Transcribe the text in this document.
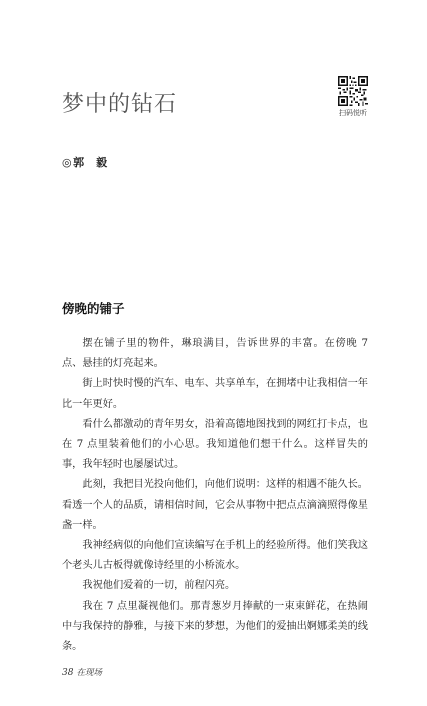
梦中的钻石	扫码悦听
◎郭　毅
傍晚的铺子

摆在铺子里的物件，琳琅满目，告诉世界的丰富。在傍晚 7 点、悬挂的灯亮起来。

街上时快时慢的汽车、电车、共享单车，在拥堵中让我相信一年比一年更好。

看什么都激动的青年男女，沿着高德地图找到的网红打卡点，也在 7 点里装着他们的小心思。我知道他们想干什么。这样冒失的事，我年轻时也屡屡试过。

此刻，我把目光投向他们，向他们说明：这样的相遇不能久长。看透一个人的品质，请相信时间，它会从事物中把点点滴滴照得像星盏一样。

我神经病似的向他们宣读编写在手机上的经验所得。他们笑我这个老头儿古板得就像诗经里的小桥流水。

我祝他们爱着的一切，前程闪亮。

我在 7 点里凝视他们。那青葱岁月捧献的一束束鲜花，在热闹中与我保持的静雅，与接下来的梦想，为他们的爱抽出婀娜柔美的线条。

38 在现场
